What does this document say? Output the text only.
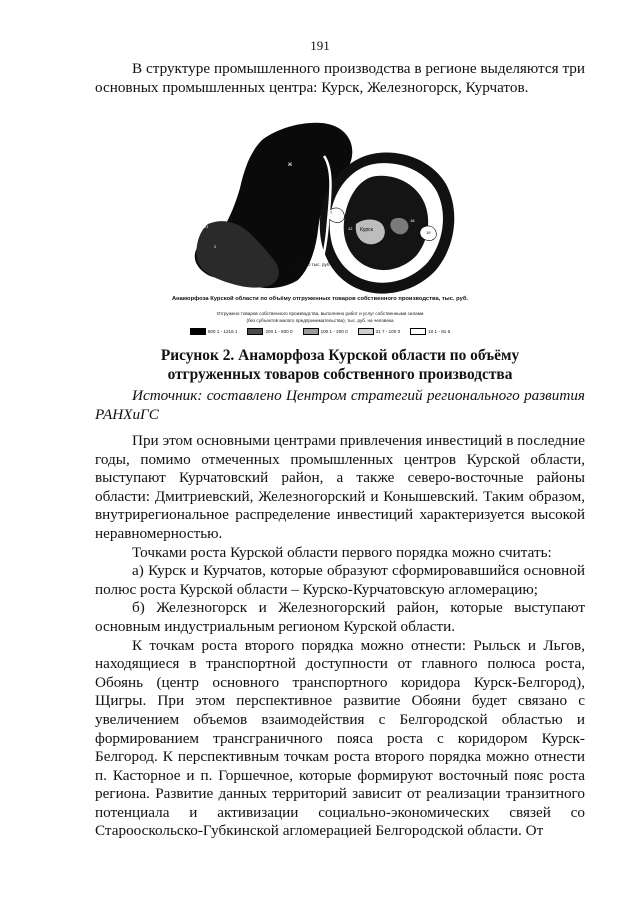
191

В структуре промышленного производства в регионе выделяются три основных промышленных центра: Курск, Железногорск, Курчатов.

ж
Курск
7
18
19
21	12
2
3 000 000 тыс. руб
Анаморфоза Курской области по объёму отгруженных товаров собственного производства, тыс. руб.
Отгружено товаров собственного производства, выполнено работ и услуг собственными силами
(без субъектов малого предпринимательства), тыс. руб. на человека
600 1 - 1216 1	200 1 - 600 0	100 1 - 200 0	31 7 - 100 0	10 1 - 81 6
Рисунок 2. Анаморфоза Курской области по объёму
отгруженных товаров собственного производства
Источник: составлено Центром стратегий регионального развития РАНХиГС

При этом основными центрами привлечения инвестиций в последние годы, помимо отмеченных промышленных центров Курской области, выступают Курчатовский район, а также северо-восточные районы области: Дмитриевский, Железногорский и Конышевский. Таким образом, внутрирегиональное распределение инвестиций характеризуется высокой неравномерностью.

Точками роста Курской области первого порядка можно считать:

а) Курск и Курчатов, которые образуют сформировавшийся основной полюс роста Курской области – Курско-Курчатовскую агломерацию;

б) Железногорск и Железногорский район, которые выступают основным индустриальным регионом Курской области.

К точкам роста второго порядка можно отнести: Рыльск и Льгов, находящиеся в транспортной доступности от главного полюса роста, Обоянь (центр основного транспортного коридора Курск-Белгород), Щигры. При этом перспективное развитие Обояни будет связано с увеличением объемов взаимодействия с Белгородской областью и формированием трансграничного пояса роста с коридором Курск-Белгород. К перспективным точкам роста второго порядка можно отнести п. Касторное и п. Горшечное, которые формируют восточный пояс роста региона. Развитие данных территорий зависит от реализации транзитного потенциала и активизации социально-экономических связей со Старооскольско-Губкинской агломерацией Белгородской области. От
